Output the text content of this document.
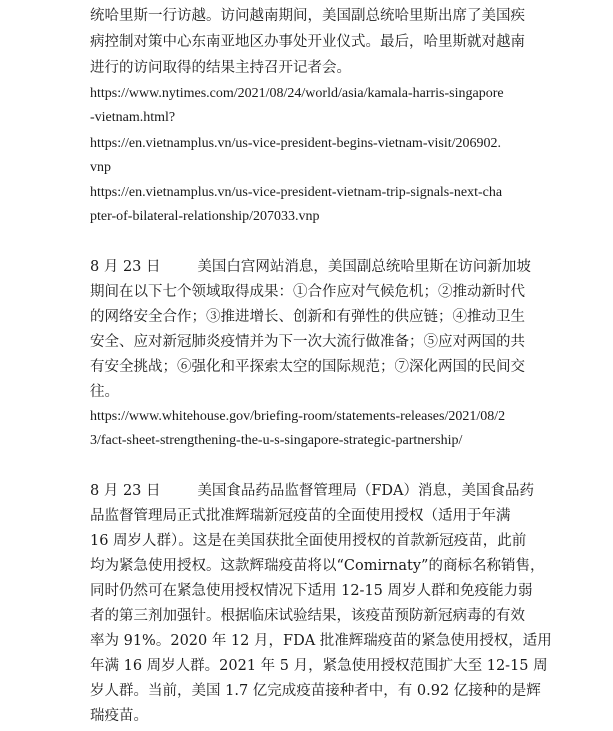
统哈里斯一行访越。访问越南期间，美国副总统哈里斯出席了美国疾
病控制对策中心东南亚地区办事处开业仪式。最后，哈里斯就对越南
进行的访问取得的结果主持召开记者会。
https://www.nytimes.com/2021/08/24/world/asia/kamala-harris-singapore
-vietnam.html?
https://en.vietnamplus.vn/us-vice-president-begins-vietnam-visit/206902.
vnp
https://en.vietnamplus.vn/us-vice-president-vietnam-trip-signals-next-cha
pter-of-bilateral-relationship/207033.vnp
8 月 23 日        美国白宫网站消息，美国副总统哈里斯在访问新加坡
期间在以下七个领域取得成果：①合作应对气候危机；②推动新时代
的网络安全合作；③推进增长、创新和有弹性的供应链；④推动卫生
安全、应对新冠肺炎疫情并为下一次大流行做准备；⑤应对两国的共
有安全挑战；⑥强化和平探索太空的国际规范；⑦深化两国的民间交
往。
https://www.whitehouse.gov/briefing-room/statements-releases/2021/08/2
3/fact-sheet-strengthening-the-u-s-singapore-strategic-partnership/
8 月 23 日        美国食品药品监督管理局（FDA）消息，美国食品药
品监督管理局正式批准辉瑞新冠疫苗的全面使用授权（适用于年满
16 周岁人群）。这是在美国获批全面使用授权的首款新冠疫苗，此前
均为紧急使用授权。这款辉瑞疫苗将以“Comirnaty”的商标名称销售，
同时仍然可在紧急使用授权情况下适用 12-15 周岁人群和免疫能力弱
者的第三剂加强针。根据临床试验结果，该疫苗预防新冠病毒的有效
率为 91%。2020 年 12 月，FDA 批准辉瑞疫苗的紧急使用授权，适用
年满 16 周岁人群。2021 年 5 月，紧急使用授权范围扩大至 12-15 周
岁人群。当前，美国 1.7 亿完成疫苗接种者中，有 0.92 亿接种的是辉
瑞疫苗。
